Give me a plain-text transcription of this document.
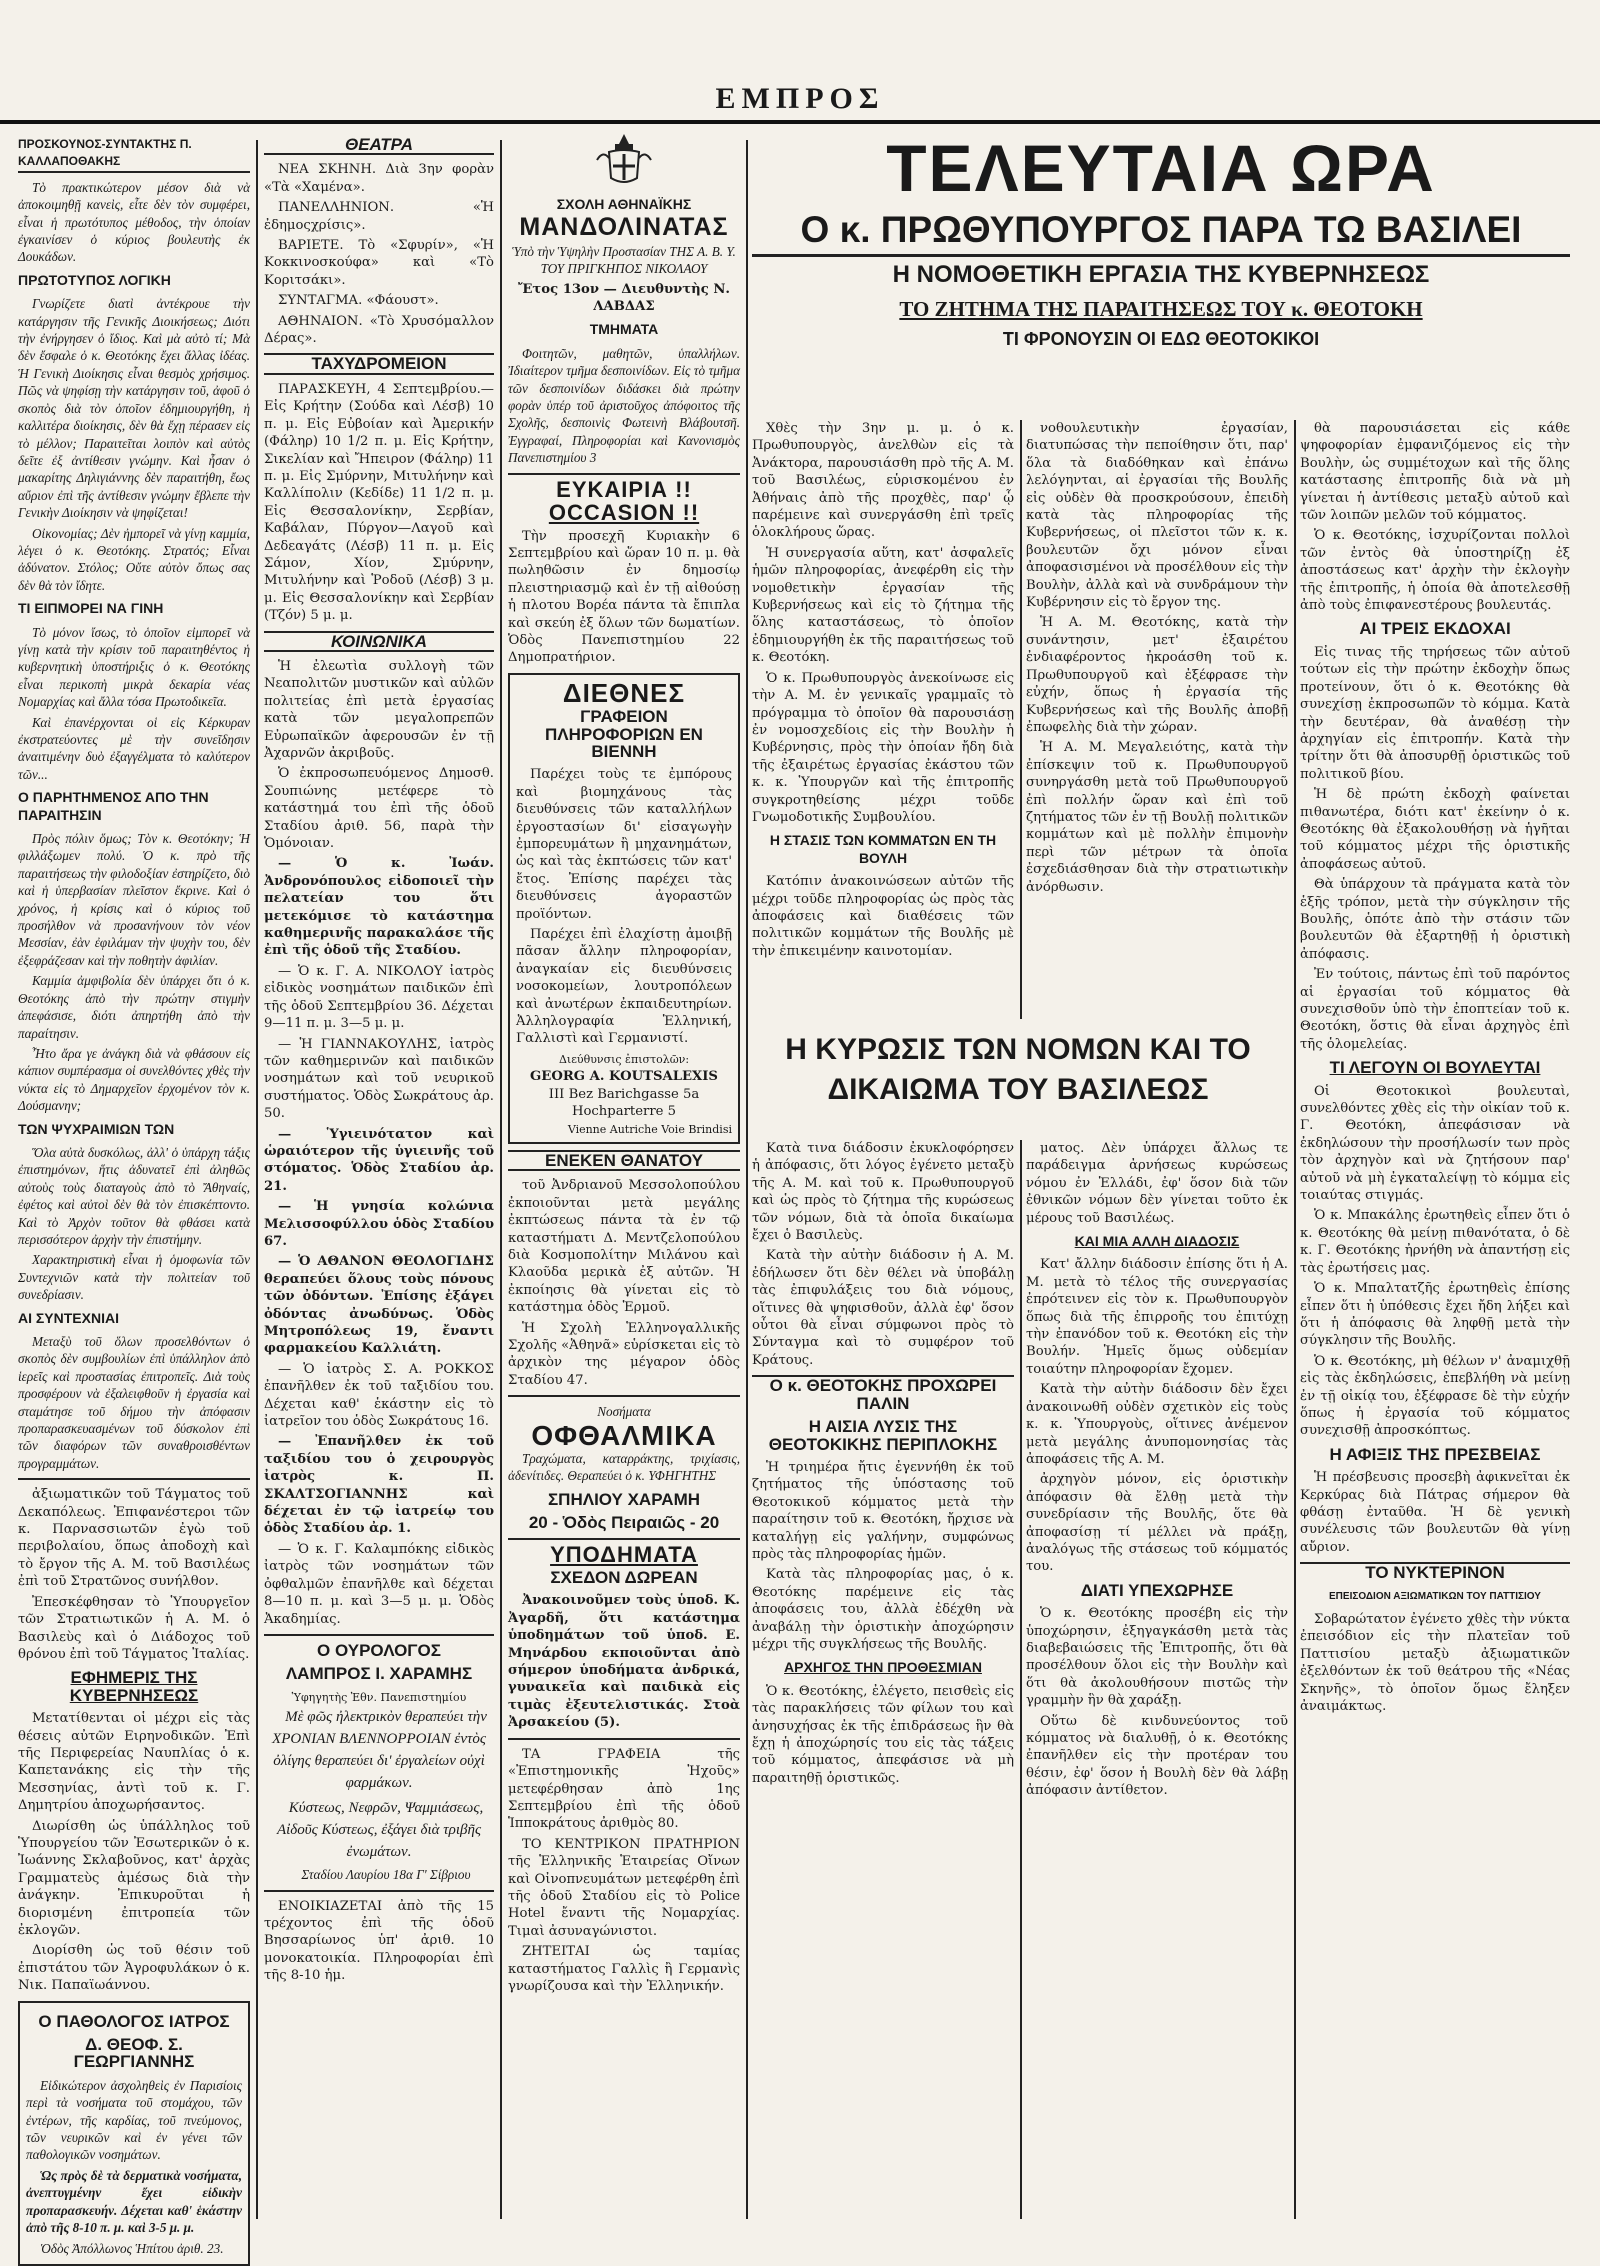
ΕΜΠΡΟΣ
ΠΡΟΣΚΟΥΝΟΣ-ΣΥΝΤΑΚΤΗΣ Π. ΚΑΛΛΑΠΟΘΑΚΗΣ

Τὸ πρακτικώτερον μέσον διὰ νὰ ἀποκοιμηθῇ κανεὶς, εἶτε δὲν τὸν συμφέρει, εἶναι ἡ πρωτότυπος μέθοδος, τὴν ὁποίαν ἐγκαινίσεν ὁ κύριος βουλευτὴς ἐκ Δουκάδων.

ΠΡΩΤΟΤΥΠΟΣ ΛΟΓΙΚΗ

Γνωρίζετε διατὶ ἀντέκρουε τὴν κατάργησιν τῆς Γενικῆς Διοικήσεως; Διότι τὴν ἐνήργησεν ὁ ἴδιος. Καὶ μὰ αὐτὸ τί; Μὰ δὲν ἔσφαλε ὁ κ. Θεοτόκης ἔχει ἄλλας ἰδέας. Ἡ Γενικὴ Διοίκησις εἶναι θεσμὸς χρήσιμος. Πῶς νὰ ψηφίσῃ τὴν κατάργησιν τοῦ, ἀφοῦ ὁ σκοπὸς διὰ τὸν ὁποῖον ἐδημιουργήθη, ἡ καλλιτέρα διοίκησις, δὲν θὰ ἔχῃ πέρασεν εἰς τὸ μέλλον; Παραιτεῖται λοιπὸν καὶ αὐτὸς δεῖτε ἐξ ἀντίθεσιν γνώμην. Καὶ ἦσαν ὁ μακαρίτης Δηλιγιάννης δὲν παραιτήθη, ἔως αὔριον ἐπὶ τῆς ἀντίθεσιν γνώμην ἔβλεπε τὴν Γενικὴν Διοίκησιν νὰ ψηφίζεται!

Οἰκονομίας; Δὲν ἠμπορεῖ νὰ γίνῃ καμμία, λέγει ὁ κ. Θεοτόκης. Στρατός; Εἶναι ἀδύνατον. Στόλος; Οὔτε αὐτὸν ὄπως σας δὲν θὰ τὸν ἴδητε.

ΤΙ ΕΙΠΜΟΡΕΙ ΝΑ ΓΙΝΗ

Τὸ μόνον ἴσως, τὸ ὁποῖον εἰμπορεῖ νὰ γίνῃ κατὰ τὴν κρίσιν τοῦ παραιτηθέντος ἡ κυβερνητικὴ ὑποστήριξις ὁ κ. Θεοτόκης εἶναι περικοπὴ μικρὰ δεκαρία νέας Νομαρχίας καὶ ἄλλα τόσα Πρωτοδικεῖα.

Καὶ ἐπανέρχονται οἱ εἰς Κέρκυραν ἐκστρατεύοντες μὲ τὴν συνεῖδησιν ἀναιτιμένην δυὸ ἐξαγγέλματα τὸ καλύτερον τῶν...

Ο ΠΑΡΗΤΗΜΕΝΟΣ ΑΠΟ ΤΗΝ ΠΑΡΑΙΤΗΣΙΝ

Πρὸς πόλιν ὅμως; Τὸν κ. Θεοτόκην; Ἡ φιλλάξωμεν πολύ. Ὁ κ. πρὸ τῆς παραιτήσεως τὴν φιλοδοξίαν ἐστηρίζετο, διὸ καὶ ἡ ὑπερβασίαν πλεῖστον ἔκρινε. Καὶ ὁ χρόνος, ἡ κρίσις καὶ ὁ κύριος τοῦ προσήλθον νὰ προσανήνουν τὸν νέον Μεσσίαν, ἐὰν ἐφιλάμαν τὴν ψυχὴν του, δὲν ἐξεφράζεσαν καὶ τὴν ποθητὴν ἀφιλίαν.

Καμμία ἀμφιβολία δὲν ὑπάρχει ὅτι ὁ κ. Θεοτόκης ἀπὸ τὴν πρώτην στιγμὴν ἀπεφάσισε, διότι ἀπηρτήθη ἀπὸ τὴν παραίτησιν.

Ἦτο ἄρα γε ἀνάγκη διὰ νὰ φθάσουν εἰς κάπιον συμπέρασμα οἱ συνελθόντες χθὲς τὴν νύκτα εἰς τὸ Δημαρχεῖον ἐρχομένον τὸν κ. Δούσμανην;

ΤΩΝ ΨΥΧΡΑΙΜΙΩΝ ΤΩΝ

Ὅλα αὐτὰ δυσκόλως, ἀλλ' ὁ ὑπάρχη τάξις ἐπιστημόνων, ἥτις ἀδυνατεῖ ἐπὶ ἀληθῶς αὐτοὺς τοὺς διαταγοὺς ἀπὸ τὸ Ἄθηναίς, ἐφέτος καὶ αὐτοὶ δὲν θὰ τὸν ἐπισκέπτοντο. Καὶ τὸ Ἀρχὸν τοῦτον θὰ φθάσει κατὰ περισσότερον ἀρχὴν τὴν ἐπιστήμην.

Χαρακτηριστικὴ εἶναι ἡ ὁμοφωνία τῶν Συντεχνιῶν κατὰ τὴν πολιτείαν τοῦ συνεδρίασιν.

ΑΙ ΣΥΝΤΕΧΝΙΑΙ

Μεταξὺ τοῦ ὅλων προσελθόντων ὁ σκοπὸς δὲν συμβουλίων ἐπὶ ὑπάλληλον ἀπὸ ἱερεῖς καὶ προστασίας ἐπιτροπεῖς. Διὰ τοὺς προσφέρουν νὰ ἐξαλειφθοῦν ἡ ἐργασία καὶ σταμάτησε τοῦ δήμου τὴν ἀπόφασιν προπαρασκευασμένων τοῦ δύσκολον ἐπὶ τῶν διαφόρων τῶν συναθροισθέντων προγραμμάτων.

ἀξιωματικῶν τοῦ Τάγματος τοῦ Δεκαπόλεως. Ἐπιφανέστεροι τῶν κ. Παρνασσιωτῶν ἐγὼ τοῦ περιβολαίου, ὅπως ἀποδοχὴ καὶ τὸ ἔργον τῆς Α. Μ. τοῦ Βασιλέως ἐπὶ τοῦ Στρατῶνος συνήλθον.

Ἐπεσκέφθησαν τὸ Ὑπουργεῖον τῶν Στρατιωτικῶν ἡ Α. Μ. ὁ Βασιλεὺς καὶ ὁ Διάδοχος τοῦ θρόνου ἐπὶ τοῦ Τάγματος Ἰταλίας.

ΕΦΗΜΕΡΙΣ ΤΗΣ ΚΥΒΕΡΝΗΣΕΩΣ

Μετατίθενται οἱ μέχρι εἰς τὰς θέσεις αὐτῶν Ειρηνοδικῶν. Ἐπὶ τῆς Περιφερείας Ναυπλίας ὁ κ. Καπετανάκης εἰς τὴν τῆς Μεσσηνίας, ἀντὶ τοῦ κ. Γ. Δημητρίου ἀποχωρήσαντος.

Διωρίσθη ὡς ὑπάλληλος τοῦ Ὑπουργείου τῶν Ἐσωτερικῶν ὁ κ. Ἰωάννης Σκλαβοῦνος, κατ' ἀρχὰς Γραμματεὺς ἀμέσως διὰ τὴν ἀνάγκην. Ἐπικυροῦται ἡ διορισμένη ἐπιτροπεία τῶν ἐκλογῶν.

Διορίσθη ὡς τοῦ θέσιν τοῦ ἐπιστάτου τῶν Ἀγροφυλάκων ὁ κ. Νικ. Παπαϊωάννου.

Ο ΠΑΘΟΛΟΓΟΣ ΙΑΤΡΟΣ
Δ. ΘΕΟΦ. Σ. ΓΕΩΡΓΙΑΝΝΗΣ

Εἰδικώτερον ἀσχοληθεὶς ἐν Παρισίοις περὶ τὰ νοσήματα τοῦ στομάχου, τῶν ἐντέρων, τῆς καρδίας, τοῦ πνεύμονος, τῶν νευρικῶν καὶ ἐν γένει τῶν παθολογικῶν νοσημάτων.

Ὡς πρὸς δὲ τὰ δερματικὰ νοσήματα, ἀνεπτυγμένην ἔχει εἰδικὴν προπαρασκευήν. Δέχεται καθ' ἑκάστην ἀπὸ τῆς 8-10 π. μ. καὶ 3-5 μ. μ.

Ὁδὸς Ἀπόλλωνος Ἡπίτου ἀριθ. 23.

ΘΕΑΤΡΑ

ΝΕΑ ΣΚΗΝΗ. Διὰ 3ην φορὰν «Τὰ «Χαμένα».

ΠΑΝΕΛΛΗΝΙΟΝ. «Ἡ ἐδημοςχρίσις».

ΒΑΡΙΕΤΕ. Τὸ «Σφυρίν», «Ἡ Κοκκινοσκούφα» καὶ «Τὸ Κοριτσάκι».

ΣΥΝΤΑΓΜΑ. «Φάουστ».

ΑΘΗΝΑΙΟΝ. «Τὸ Χρυσόμαλλον Δέρας».

ΤΑΧΥΔΡΟΜΕΙΟΝ

ΠΑΡΑΣΚΕΥΗ, 4 Σεπτεμβρίου.—Εἰς Κρήτην (Σούδα καὶ Λέσβ) 10 π. μ. Εἰς Εὐβοίαν καὶ Ἀμερικήν (Φάληρ) 10 1/2 π. μ. Εἰς Κρήτην, Σικελίαν καὶ Ἤπειρον (Φάληρ) 11 π. μ. Εἰς Σμύρνην, Μιτυλήνην καὶ Καλλίπολιν (Κεδίδε) 11 1/2 π. μ. Εἰς Θεσσαλονίκην, Σερβίαν, Καβάλαν, Πύργον—Λαγοῦ καὶ Δεδεαγάτς (Λέσβ) 11 π. μ. Εἰς Σάμον, Χίον, Σμύρνην, Μιτυλήνην καὶ Ῥοδοῦ (Λέσβ) 3 μ. μ. Εἰς Θεσσαλονίκην καὶ Σερβίαν (Τζόν) 5 μ. μ.

ΚΟΙΝΩΝΙΚΑ

Ἡ ἐλεωτὶα συλλογὴ τῶν Νεαπολιτῶν μυστικῶν καὶ αὐλῶν πολιτείας ἐπὶ μετὰ ἐργασίας κατὰ τῶν μεγαλοπρεπῶν Εὐρωπαϊκῶν ἀφερουσῶν ἐν τῇ Ἀχαρνῶν ἀκριβοῦς.

Ὁ ἐκπροσωπευόμενος Δημοσθ. Σουπιώνης μετέφερε τὸ κατάστημά του ἐπὶ τῆς ὁδοῦ Σταδίου ἀριθ. 56, παρὰ τὴν Ὁμόνοιαν.

— Ὁ κ. Ἰωάν. Ἀνδρονόπουλος εἰδοποιεῖ τὴν πελατείαν του ὅτι μετεκόμισε τὸ κατάστημα καθημερινῆς παρακαλάσε τῆς ἐπὶ τῆς ὁδοῦ τῆς Σταδίου.

— Ὁ κ. Γ. Α. ΝΙΚΟΛΟΥ ἰατρὸς εἰδικὸς νοσημάτων παιδικῶν ἐπὶ τῆς ὁδοῦ Σεπτεμβρίου 36. Δέχεται 9—11 π. μ. 3—5 μ. μ.

— Ἡ ΓΙΑΝΝΑΚΟΥΛΗΣ, ἰατρὸς τῶν καθημερινῶν καὶ παιδικῶν νοσημάτων καὶ τοῦ νευρικοῦ συστήματος. Ὁδὸς Σωκράτους ἀρ. 50.

— Ὑγιεινότατον καὶ ὡραιότερον τῆς ὑγιεινῆς τοῦ στόματος. Ὁδὸς Σταδίου ἀρ. 21.

— Ἡ γνησία κολώνια Μελισσοφύλλου ὁδὸς Σταδίου 67.

— Ὁ ΑΘΑΝΟΝ ΘΕΟΛΟΓΙΔΗΣ θεραπεύει ὅλους τοὺς πόνους τῶν ὀδόντων. Ἐπίσης ἐξάγει ὀδόντας ἀνωδύνως. Ὁδὸς Μητροπόλεως 19, ἔναντι φαρμακείου Καλλιάτη.

— Ὁ ἰατρὸς Σ. Α. ΡΟΚΚΟΣ ἐπανῆλθεν ἐκ τοῦ ταξιδίου του. Δέχεται καθ' ἑκάστην εἰς τὸ ἰατρεῖον του ὁδὸς Σωκράτους 16.

— Ἐπανῆλθεν ἐκ τοῦ ταξιδίου του ὁ χειρουργὸς ἰατρὸς κ. Π. ΣΚΑΛΤΣΟΓΙΑΝΝΗΣ καὶ δέχεται ἐν τῷ ἰατρείῳ του ὁδὸς Σταδίου ἀρ. 1.

— Ὁ κ. Γ. Καλαμπόκης εἰδικὸς ἰατρὸς τῶν νοσημάτων τῶν ὀφθαλμῶν ἐπανῆλθε καὶ δέχεται 8—10 π. μ. καὶ 3—5 μ. μ. Ὁδὸς Ἀκαδημίας.

Ο ΟΥΡΟΛΟΓΟΣ
ΛΑΜΠΡΟΣ Ι. ΧΑΡΑΜΗΣ
Ὑφηγητὴς Ἐθν. Πανεπιστημίου

Μὲ φῶς ἠλεκτρικὸν θεραπεύει τὴν ΧΡΟΝΙΑΝ ΒΛΕΝΝΟΡΡΟΙΑΝ ἐντὸς ὀλίγης θεραπεύει δι' ἐργαλείων οὐχὶ φαρμάκων.

Κύστεως, Νεφρῶν, Ψαμμιάσεως, Αἰδοῦς Κύστεως, ἐξάγει διὰ τριβῆς ἐνωμάτων.

Σταδίου Λαυρίου 18α Γ' Σίβριου

ΕΝΟΙΚΙΑΖΕΤΑΙ ἀπὸ τῆς 15 τρέχοντος ἐπὶ τῆς ὁδοῦ Βησσαρίωνος ὑπ' ἀριθ. 10 μονοκατοικία. Πληροφορίαι ἐπὶ τῆς 8-10 ἡμ.

ΣΧΟΛΗ ΑΘΗΝΑΪΚΗΣ
ΜΑΝΔΟΛΙΝΑΤΑΣ

Ὑπὸ τὴν Ὑψηλὴν Προστασίαν ΤΗΣ Α. Β. Υ. ΤΟΥ ΠΡΙΓΚΗΠΟΣ ΝΙΚΟΛΑΟΥ

Ἔτος 13ον — Διευθυντὴς Ν. ΛΑΒΔΑΣ

ΤΜΗΜΑΤΑ

Φοιτητῶν, μαθητῶν, ὑπαλλήλων. Ἰδιαίτερον τμῆμα δεσποινίδων. Εἰς τὸ τμῆμα τῶν δεσποινίδων διδάσκει διὰ πρώτην φορὰν ὑπέρ τοῦ ἀριστοῦχος ἀπόφοιτος τῆς Σχολῆς, δεσποινὶς Φωτεινὴ Βλάβουτσῆ. Ἐγγραφαί, Πληροφορίαι καὶ Κανονισμὸς Πανεπιστημίου 3

ΕΥΚΑΙΡΙΑ !!
OCCASION !!

Τὴν προσεχῆ Κυριακὴν 6 Σεπτεμβρίου καὶ ὥραν 10 π. μ. θὰ πωληθῶσιν ἐν δημοσίῳ πλειστηριασμῷ καὶ ἐν τῇ αἰθούσῃ ἡ πλοτου Βορέα πάντα τὰ ἔπιπλα καὶ σκεύη ἐξ ὅλων τῶν δωματίων. Ὁδὸς Πανεπιστημίου 22 Δημοπρατήριον.

ΔΙΕΘΝΕΣ
ΓΡΑΦΕΙΟΝ ΠΛΗΡΟΦΟΡΙΩΝ ΕΝ ΒΙΕΝΝΗ

Παρέχει τοὺς τε ἐμπόρους καὶ βιομηχάνους τὰς διευθύνσεις τῶν καταλλήλων ἐργοστασίων δι' εἰσαγωγὴν ἐμπορευμάτων ἢ μηχανημάτων, ὡς καὶ τὰς ἐκπτώσεις τῶν κατ' ἔτος. Ἐπίσης παρέχει τὰς διευθύνσεις ἀγοραστῶν προϊόντων.

Παρέχει ἐπὶ ἐλαχίστῃ ἀμοιβῇ πᾶσαν ἄλλην πληροφορίαν, ἀναγκαίαν εἰς διευθύνσεις νοσοκομείων, λουτροπόλεων καὶ ἀνωτέρων ἐκπαιδευτηρίων. Ἀλληλογραφία Ἑλληνική, Γαλλιστὶ καὶ Γερμανιστί.

Διεύθυνσις ἐπιστολῶν:
GEORG A. KOUTSALEXIS
III Bez Barichgasse 5a Hochparterre 5
Vienne Autriche Voie Brindisi
ΕΝΕΚΕΝ ΘΑΝΑΤΟΥ

τοῦ Ἀνδριανοῦ Μεσσολοπούλου ἐκποιοῦνται μετὰ μεγάλης ἐκπτώσεως πάντα τὰ ἐν τῷ καταστήματι Δ. Μεντζελοπούλου διὰ Κοσμοπολίτην Μιλάνου καὶ Κλαοῦδα μερικὰ ἐξ αὐτῶν. Ἡ ἐκποίησις θὰ γίνεται εἰς τὸ κατάστημα ὁδὸς Ἑρμοῦ.

Ἡ Σχολὴ Ἑλληνογαλλικῆς Σχολῆς «Ἀθηνᾶ» εὑρίσκεται εἰς τὸ ἀρχικὸν της μέγαρον ὁδὸς Σταδίου 47.

Νοσήματα
ΟΦΘΑΛΜΙΚΑ

Τραχώματα, καταρράκτης, τριχίασις, ἀδενίτιδες. Θεραπεύει ὁ κ. ΥΦΗΓΗΤΗΣ

ΣΠΗΛΙΟΥ ΧΑΡΑΜΗ
20 - Ὁδὸς Πειραιῶς - 20
ΥΠΟΔΗΜΑΤΑ
ΣΧΕΔΟΝ ΔΩΡΕΑΝ

Ἀνακοινοῦμεν τοὺς ὑποδ. Κ. Ἀγαρδῆ, ὅτι κατάστημα ὑποδημάτων τοῦ ὑποδ. Ε. Μηνάρδου εκποιοῦνται ἀπὸ σήμερον ὑποδήματα ἀνδρικά, γυναικεῖα καὶ παιδικὰ εἰς τιμὰς ἐξευτελιστικάς. Στοὰ Ἀρσακείου (5).

ΤΑ ΓΡΑΦΕΙΑ τῆς «Ἐπιστημονικῆς Ἠχοῦς» μετεφέρθησαν ἀπὸ 1ης Σεπτεμβρίου ἐπὶ τῆς ὁδοῦ Ἱπποκράτους ἀριθμὸς 80.

ΤΟ ΚΕΝΤΡΙΚΟΝ ΠΡΑΤΗΡΙΟΝ τῆς Ἑλληνικῆς Ἑταιρείας Οἴνων καὶ Οἰνοπνευμάτων μετεφέρθη ἐπὶ τῆς ὁδοῦ Σταδίου εἰς τὸ Police Hotel ἔναντι τῆς Νομαρχίας. Τιμαὶ ἀσυναγώνιστοι.

ΖΗΤΕΙΤΑΙ ὡς ταμίας καταστήματος Γαλλὶς ἢ Γερμανὶς γνωρίζουσα καὶ τὴν Ἑλληνικήν.

ΤΕΛΕΥΤΑΙΑ ΩΡΑ
Ο κ. ΠΡΩΘΥΠΟΥΡΓΟΣ ΠΑΡΑ ΤΩ ΒΑΣΙΛΕΙ
Η ΝΟΜΟΘΕΤΙΚΗ ΕΡΓΑΣΙΑ ΤΗΣ ΚΥΒΕΡΝΗΣΕΩΣ
ΤΟ ΖΗΤΗΜΑ ΤΗΣ ΠΑΡΑΙΤΗΣΕΩΣ ΤΟΥ κ. ΘΕΟΤΟΚΗ
ΤΙ ΦΡΟΝΟΥΣΙΝ ΟΙ ΕΔΩ ΘΕΟΤΟΚΙΚΟΙ

Χθὲς τὴν 3ην μ. μ. ὁ κ. Πρωθυπουργὸς, ἀνελθὼν εἰς τὰ Ἀνάκτορα, παρουσιάσθη πρὸ τῆς Α. Μ. τοῦ Βασιλέως, εὑρισκομένου ἐν Ἀθήναις ἀπὸ τῆς προχθὲς, παρ' ᾧ παρέμεινε καὶ συνεργάσθη ἐπὶ τρεῖς ὁλοκλήρους ὥρας.

Ἡ συνεργασία αὕτη, κατ' ἀσφαλεῖς ἡμῶν πληροφορίας, ἀνεφέρθη εἰς τὴν νομοθετικὴν ἐργασίαν τῆς Κυβερνήσεως καὶ εἰς τὸ ζήτημα τῆς ὅλης καταστάσεως, τὸ ὁποῖον ἐδημιουργήθη ἐκ τῆς παραιτήσεως τοῦ κ. Θεοτόκη.

Ὁ κ. Πρωθυπουργὸς ἀνεκοίνωσε εἰς τὴν Α. Μ. ἐν γενικαῖς γραμμαῖς τὸ πρόγραμμα τὸ ὁποῖον θὰ παρουσιάσῃ ἐν νομοσχεδίοις εἰς τὴν Βουλὴν ἡ Κυβέρνησις, πρὸς τὴν ὁποίαν ἤδη διὰ τῆς ἐξαιρέτως ἐργασίας ἐκάστου τῶν κ. κ. Ὑπουργῶν καὶ τῆς ἐπιτροπῆς συγκροτηθείσης μέχρι τοῦδε Γνωμοδοτικῆς Συμβουλίου.

Η ΣΤΑΣΙΣ ΤΩΝ ΚΟΜΜΑΤΩΝ ΕΝ ΤΗ ΒΟΥΛΗ

Κατόπιν ἀνακοινώσεων αὐτῶν τῆς μέχρι τοῦδε πληροφορίας ὡς πρὸς τὰς ἀποφάσεις καὶ διαθέσεις τῶν πολιτικῶν κομμάτων τῆς Βουλῆς μὲ τὴν ἐπικειμένην καινοτομίαν.

νοθουλευτικὴν ἐργασίαν, διατυπώσας τὴν πεποίθησιν ὅτι, παρ' ὅλα τὰ διαδόθηκαν καὶ ἐπάνω λελόγηνται, αἱ ἐργασίαι τῆς Βουλῆς εἰς οὐδὲν θὰ προσκρούσουν, ἐπειδὴ κατὰ τὰς πληροφορίας τῆς Κυβερνήσεως, οἱ πλεῖστοι τῶν κ. κ. βουλευτῶν ὄχι μόνον εἶναι ἀποφασισμένοι νὰ προσέλθουν εἰς τὴν Βουλὴν, ἀλλὰ καὶ νὰ συνδράμουν τὴν Κυβέρνησιν εἰς τὸ ἔργον της.

Ἡ Α. Μ. Θεοτόκης, κατὰ τὴν συνάντησιν, μετ' ἐξαιρέτου ἐνδιαφέροντος ἠκροάσθη τοῦ κ. Πρωθυπουργοῦ καὶ ἐξέφρασε τὴν εὐχήν, ὅπως ἡ ἐργασία τῆς Κυβερνήσεως καὶ τῆς Βουλῆς ἀποβῇ ἐπωφελὴς διὰ τὴν χώραν.

Ἡ Α. Μ. Μεγαλειότης, κατὰ τὴν ἐπίσκεψιν τοῦ κ. Πρωθυπουργοῦ συνηργάσθη μετὰ τοῦ Πρωθυπουργοῦ ἐπὶ πολλήν ὥραν καὶ ἐπὶ τοῦ ζητήματος τῶν ἐν τῇ Βουλῇ πολιτικῶν κομμάτων καὶ μὲ πολλὴν ἐπιμονὴν περὶ τῶν μέτρων τὰ ὁποῖα ἐσχεδιάσθησαν διὰ τὴν στρατιωτικὴν ἀνόρθωσιν.

Η ΚΥΡΩΣΙΣ ΤΩΝ ΝΟΜΩΝ ΚΑΙ ΤΟ ΔΙΚΑΙΩΜΑ ΤΟΥ ΒΑΣΙΛΕΩΣ

Κατὰ τινα διάδοσιν ἐκυκλοφόρησεν ἡ ἀπόφασις, ὅτι λόγος ἐγένετο μεταξὺ τῆς Α. Μ. καὶ τοῦ κ. Πρωθυπουργοῦ καὶ ὡς πρὸς τὸ ζήτημα τῆς κυρώσεως τῶν νόμων, διὰ τὰ ὁποῖα δικαίωμα ἔχει ὁ Βασιλεὺς.

Κατὰ τὴν αὐτὴν διάδοσιν ἡ Α. Μ. ἐδήλωσεν ὅτι δὲν θέλει νὰ ὑποβάλῃ τὰς ἐπιφυλάξεις του διὰ νόμους, οἵτινες θὰ ψηφισθοῦν, ἀλλὰ ἐφ' ὅσον οὗτοι θὰ εἶναι σύμφωνοι πρὸς τὸ Σύνταγμα καὶ τὸ συμφέρον τοῦ Κράτους.

Ο κ. ΘΕΟΤΟΚΗΣ ΠΡΟΧΩΡΕΙ ΠΑΛΙΝ
Η ΑΙΣΙΑ ΛΥΣΙΣ ΤΗΣ ΘΕΟΤΟΚΙΚΗΣ ΠΕΡΙΠΛΟΚΗΣ

Ἡ τριημέρα ἤτις ἐγεννήθη ἐκ τοῦ ζητήματος τῆς ὑπόστασης τοῦ Θεοτοκικοῦ κόμματος μετὰ τὴν παραίτησιν τοῦ κ. Θεοτόκη, ἤρχισε νὰ καταλήγῃ εἰς γαλήνην, συμφώνως πρὸς τὰς πληροφορίας ἡμῶν.

Κατὰ τὰς πληροφορίας μας, ὁ κ. Θεοτόκης παρέμεινε εἰς τὰς ἀποφάσεις του, ἀλλὰ ἐδέχθη νὰ ἀναβάλῃ τὴν ὁριστικὴν ἀποχώρησιν μέχρι τῆς συγκλήσεως τῆς Βουλῆς.

ΑΡΧΗΓΟΣ ΤΗΝ ΠΡΟΘΕΣΜΙΑΝ

Ὁ κ. Θεοτόκης, ἐλέγετο, πεισθεὶς εἰς τὰς παρακλήσεις τῶν φίλων του καὶ ἀνησυχήσας ἐκ τῆς ἐπιδράσεως ἣν θὰ ἔχῃ ἡ ἀποχώρησίς του εἰς τὰς τάξεις τοῦ κόμματος, ἀπεφάσισε νὰ μὴ παραιτηθῇ ὁριστικῶς.

ματος. Δὲν ὑπάρχει ἄλλως τε παράδειγμα ἀρνήσεως κυρώσεως νόμου ἐν Ἑλλάδι, ἐφ' ὅσον διὰ τῶν ἐθνικῶν νόμων δὲν γίνεται τοῦτο ἐκ μέρους τοῦ Βασιλέως.

ΚΑΙ ΜΙΑ ΑΛΛΗ ΔΙΑΔΟΣΙΣ

Κατ' ἄλλην διάδοσιν ἐπίσης ὅτι ἡ Α. Μ. μετὰ τὸ τέλος τῆς συνεργασίας ἐπρότεινεν εἰς τὸν κ. Πρωθυπουργὸν ὅπως διὰ τῆς ἐπιρροῆς του ἐπιτύχῃ τὴν ἐπανόδον τοῦ κ. Θεοτόκη εἰς τὴν Βουλήν. Ἡμεῖς ὅμως οὐδεμίαν τοιαύτην πληροφορίαν ἔχομεν.

Κατὰ τὴν αὐτὴν διάδοσιν δὲν ἔχει ἀνακοινωθῆ οὐδὲν σχετικὸν εἰς τοὺς κ. κ. Ὑπουργοὺς, οἵτινες ἀνέμενον μετὰ μεγάλης ἀνυπομονησίας τὰς ἀποφάσεις τῆς Α. Μ.

ἀρχηγὸν μόνον, εἰς ὁριστικὴν ἀπόφασιν θὰ ἔλθῃ μετὰ τὴν συνεδρίασιν τῆς Βουλῆς, ὅτε θὰ ἀποφασίσῃ τί μέλλει νὰ πράξῃ, ἀναλόγως τῆς στάσεως τοῦ κόμματός του.

ΔΙΑΤΙ ΥΠΕΧΩΡΗΣΕ

Ὁ κ. Θεοτόκης προσέβη εἰς τὴν ὑποχώρησιν, ἐξηγαγκάσθη μετὰ τὰς διαβεβαιώσεις τῆς Ἐπιτροπῆς, ὅτι θὰ προσέλθουν ὅλοι εἰς τὴν Βουλὴν καὶ ὅτι θὰ ἀκολουθήσουν πιστῶς τὴν γραμμὴν ἣν θὰ χαράξῃ.

Οὕτω δὲ κινδυνεύοντος τοῦ κόμματος νὰ διαλυθῇ, ὁ κ. Θεοτόκης ἐπανῆλθεν εἰς τὴν προτέραν του θέσιν, ἐφ' ὅσον ἡ Βουλὴ δὲν θὰ λάβῃ ἀπόφασιν ἀντίθετον.

θὰ παρουσιάσεται εἰς κάθε ψηφοφορίαν ἐμφανιζόμενος εἰς τὴν Βουλὴν, ὡς συμμέτοχων καὶ τῆς ὅλης κατάστασης ἐπιτροπῆς διὰ νὰ μὴ γίνεται ἡ ἀντίθεσις μεταξὺ αὐτοῦ καὶ τῶν λοιπῶν μελῶν τοῦ κόμματος.

Ὁ κ. Θεοτόκης, ἰσχυρίζονται πολλοὶ τῶν ἐντὸς θὰ ὑποστηρίζῃ ἐξ ἀποστάσεως κατ' ἀρχὴν τὴν ἐκλογὴν τῆς ἐπιτροπῆς, ἡ ὁποία θὰ ἀποτελεσθῇ ἀπὸ τοὺς ἐπιφανεστέρους βουλευτάς.

ΑΙ ΤΡΕΙΣ ΕΚΔΟΧΑΙ

Εἰς τινας τῆς τηρήσεως τῶν αὐτοῦ τούτων εἰς τὴν πρώτην ἐκδοχὴν ὅπως προτείνουν, ὅτι ὁ κ. Θεοτόκης θὰ συνεχίσῃ ἐκπροσωπῶν τὸ κόμμα. Κατὰ τὴν δευτέραν, θὰ ἀναθέσῃ τὴν ἀρχηγίαν εἰς ἐπιτροπήν. Κατὰ τὴν τρίτην ὅτι θὰ ἀποσυρθῇ ὁριστικῶς τοῦ πολιτικοῦ βίου.

Ἡ δὲ πρώτη ἐκδοχὴ φαίνεται πιθανωτέρα, διότι κατ' ἐκείνην ὁ κ. Θεοτόκης θὰ ἐξακολουθήσῃ νὰ ἡγῆται τοῦ κόμματος μέχρι τῆς ὁριστικῆς ἀποφάσεως αὐτοῦ.

Θὰ ὑπάρχουν τὰ πράγματα κατὰ τὸν ἑξῆς τρόπον, μετὰ τὴν σύγκλησιν τῆς Βουλῆς, ὁπότε ἀπὸ τὴν στάσιν τῶν βουλευτῶν θὰ ἐξαρτηθῇ ἡ ὁριστικὴ ἀπόφασις.

Ἐν τούτοις, πάντως ἐπὶ τοῦ παρόντος αἱ ἐργασίαι τοῦ κόμματος θὰ συνεχισθοῦν ὑπὸ τὴν ἐποπτείαν τοῦ κ. Θεοτόκη, ὅστις θὰ εἶναι ἀρχηγὸς ἐπὶ τῆς ὁλομελείας.

ΤΙ ΛΕΓΟΥΝ ΟΙ ΒΟΥΛΕΥΤΑΙ

Οἱ Θεοτοκικοὶ βουλευταὶ, συνελθόντες χθὲς εἰς τὴν οἰκίαν τοῦ κ. Γ. Θεοτόκη, ἀπεφάσισαν νὰ ἐκδηλώσουν τὴν προσήλωσίν των πρὸς τὸν ἀρχηγὸν καὶ νὰ ζητήσουν παρ' αὐτοῦ νὰ μὴ ἐγκαταλείψῃ τὸ κόμμα εἰς τοιαύτας στιγμάς.

Ὁ κ. Μπακάλης ἐρωτηθεὶς εἶπεν ὅτι ὁ κ. Θεοτόκης θὰ μείνῃ πιθανότατα, ὁ δὲ κ. Γ. Θεοτόκης ἠρνήθη νὰ ἀπαντήσῃ εἰς τὰς ἐρωτήσεις μας.

Ὁ κ. Μπαλτατζῆς ἐρωτηθεὶς ἐπίσης εἶπεν ὅτι ἡ ὑπόθεσις ἔχει ἤδη λήξει καὶ ὅτι ἡ ἀπόφασις θὰ ληφθῇ μετὰ τὴν σύγκλησιν τῆς Βουλῆς.

Ὁ κ. Θεοτόκης, μὴ θέλων ν' ἀναμιχθῇ εἰς τὰς ἐκδηλώσεις, ἐπεβλήθη νὰ μείνῃ ἐν τῇ οἰκίᾳ του, ἐξέφρασε δὲ τὴν εὐχήν ὅπως ἡ ἐργασία τοῦ κόμματος συνεχισθῇ ἀπροσκόπτως.

Η ΑΦΙΞΙΣ ΤΗΣ ΠΡΕΣΒΕΙΑΣ

Ἡ πρέσβευσις προσεβὴ ἀφικνεῖται ἐκ Κερκύρας διὰ Πάτρας σήμερον θὰ φθάσῃ ἐνταῦθα. Ἡ δὲ γενικὴ συνέλευσις τῶν βουλευτῶν θὰ γίνῃ αὔριον.

ΤΟ ΝΥΚΤΕΡΙΝΟΝ
ΕΠΕΙΣΟΔΙΟΝ ΑΞΙΩΜΑΤΙΚΩΝ ΤΟΥ ΠΑΤΤΙΣΙΟΥ

Σοβαρώτατον ἐγένετο χθὲς τὴν νύκτα ἐπεισόδιον εἰς τὴν πλατεῖαν τοῦ Παττισίου μεταξὺ ἀξιωματικῶν ἐξελθόντων ἐκ τοῦ θεάτρου τῆς «Νέας Σκηνῆς», τὸ ὁποῖον ὅμως ἔληξεν ἀναιμάκτως.
